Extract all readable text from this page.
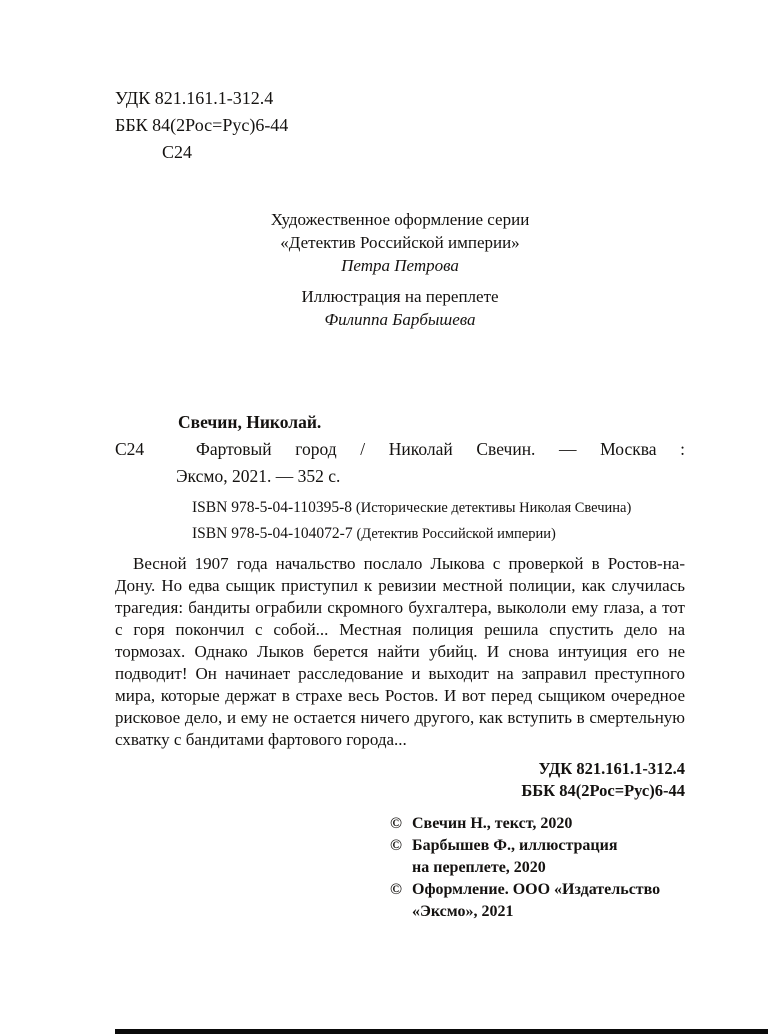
УДК 821.161.1-312.4
ББК 84(2Рос=Рус)6-44
С24
Художественное оформление серии
«Детектив Российской империи»
Петра Петрова
Иллюстрация на переплете
Филиппа Барбышева
Свечин, Николай.
С24	Фартовый город / Николай Свечин. — Москва :
Эксмо, 2021. — 352 с.
ISBN 978-5-04-110395-8 (Исторические детективы Николая Свечина)
ISBN 978-5-04-104072-7 (Детектив Российской империи)

Весной 1907 года начальство послало Лыкова с проверкой в Ростов-на-Дону. Но едва сыщик приступил к ревизии местной полиции, как случилась трагедия: бандиты ограбили скромного бухгалтера, выкололи ему глаза, а тот с горя покончил с собой... Местная полиция решила спустить дело на тормозах. Однако Лыков берется найти убийц. И снова интуиция его не подводит! Он начинает расследование и выходит на заправил преступного мира, которые держат в страхе весь Ростов. И вот перед сыщиком очередное рисковое дело, и ему не остается ничего другого, как вступить в смертельную схватку с бандитами фартового города...

УДК 821.161.1-312.4
ББК 84(2Рос=Рус)6-44
© Свечин Н., текст, 2020
© Барбышев Ф., иллюстрация
на переплете, 2020
© Оформление. ООО «Издательство
«Эксмо», 2021
